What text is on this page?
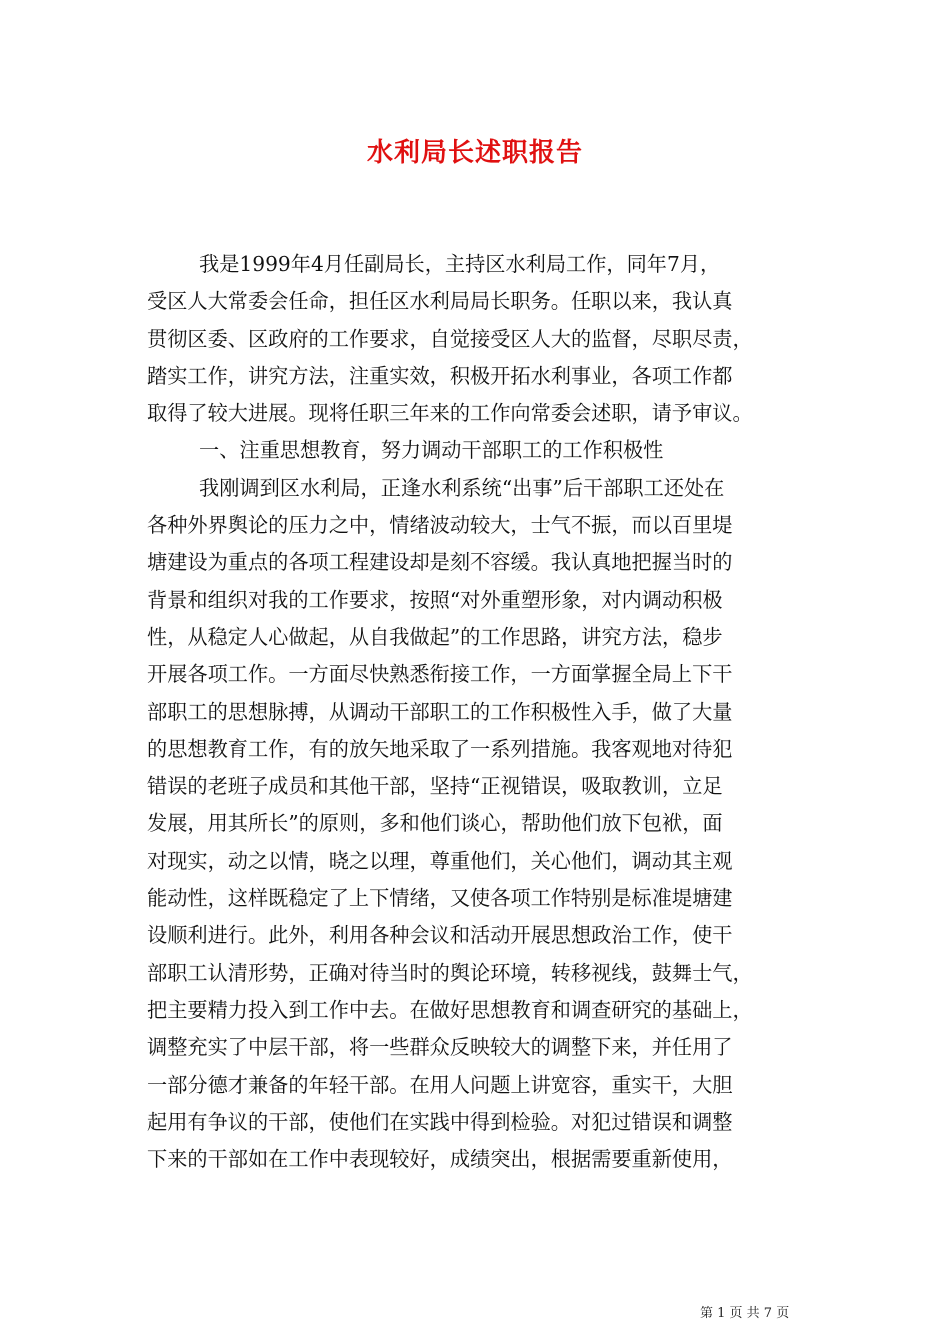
水利局长述职报告
我是1999年4月任副局长，主持区水利局工作，同年7月，
受区人大常委会任命，担任区水利局局长职务。任职以来，我认真
贯彻区委、区政府的工作要求，自觉接受区人大的监督，尽职尽责，
踏实工作，讲究方法，注重实效，积极开拓水利事业，各项工作都
取得了较大进展。现将任职三年来的工作向常委会述职，请予审议。
一、注重思想教育，努力调动干部职工的工作积极性
我刚调到区水利局，正逢水利系统“出事”后干部职工还处在
各种外界舆论的压力之中，情绪波动较大，士气不振，而以百里堤
塘建设为重点的各项工程建设却是刻不容缓。我认真地把握当时的
背景和组织对我的工作要求，按照“对外重塑形象，对内调动积极
性，从稳定人心做起，从自我做起”的工作思路，讲究方法，稳步
开展各项工作。一方面尽快熟悉衔接工作，一方面掌握全局上下干
部职工的思想脉搏，从调动干部职工的工作积极性入手，做了大量
的思想教育工作，有的放矢地采取了一系列措施。我客观地对待犯
错误的老班子成员和其他干部，坚持“正视错误，吸取教训，立足
发展，用其所长”的原则，多和他们谈心，帮助他们放下包袱，面
对现实，动之以情，晓之以理，尊重他们，关心他们，调动其主观
能动性，这样既稳定了上下情绪，又使各项工作特别是标准堤塘建
设顺利进行。此外，利用各种会议和活动开展思想政治工作，使干
部职工认清形势，正确对待当时的舆论环境，转移视线，鼓舞士气，
把主要精力投入到工作中去。在做好思想教育和调查研究的基础上，
调整充实了中层干部，将一些群众反映较大的调整下来，并任用了
一部分德才兼备的年轻干部。在用人问题上讲宽容，重实干，大胆
起用有争议的干部，使他们在实践中得到检验。对犯过错误和调整
下来的干部如在工作中表现较好，成绩突出，根据需要重新使用，
第 1 页 共 7 页
